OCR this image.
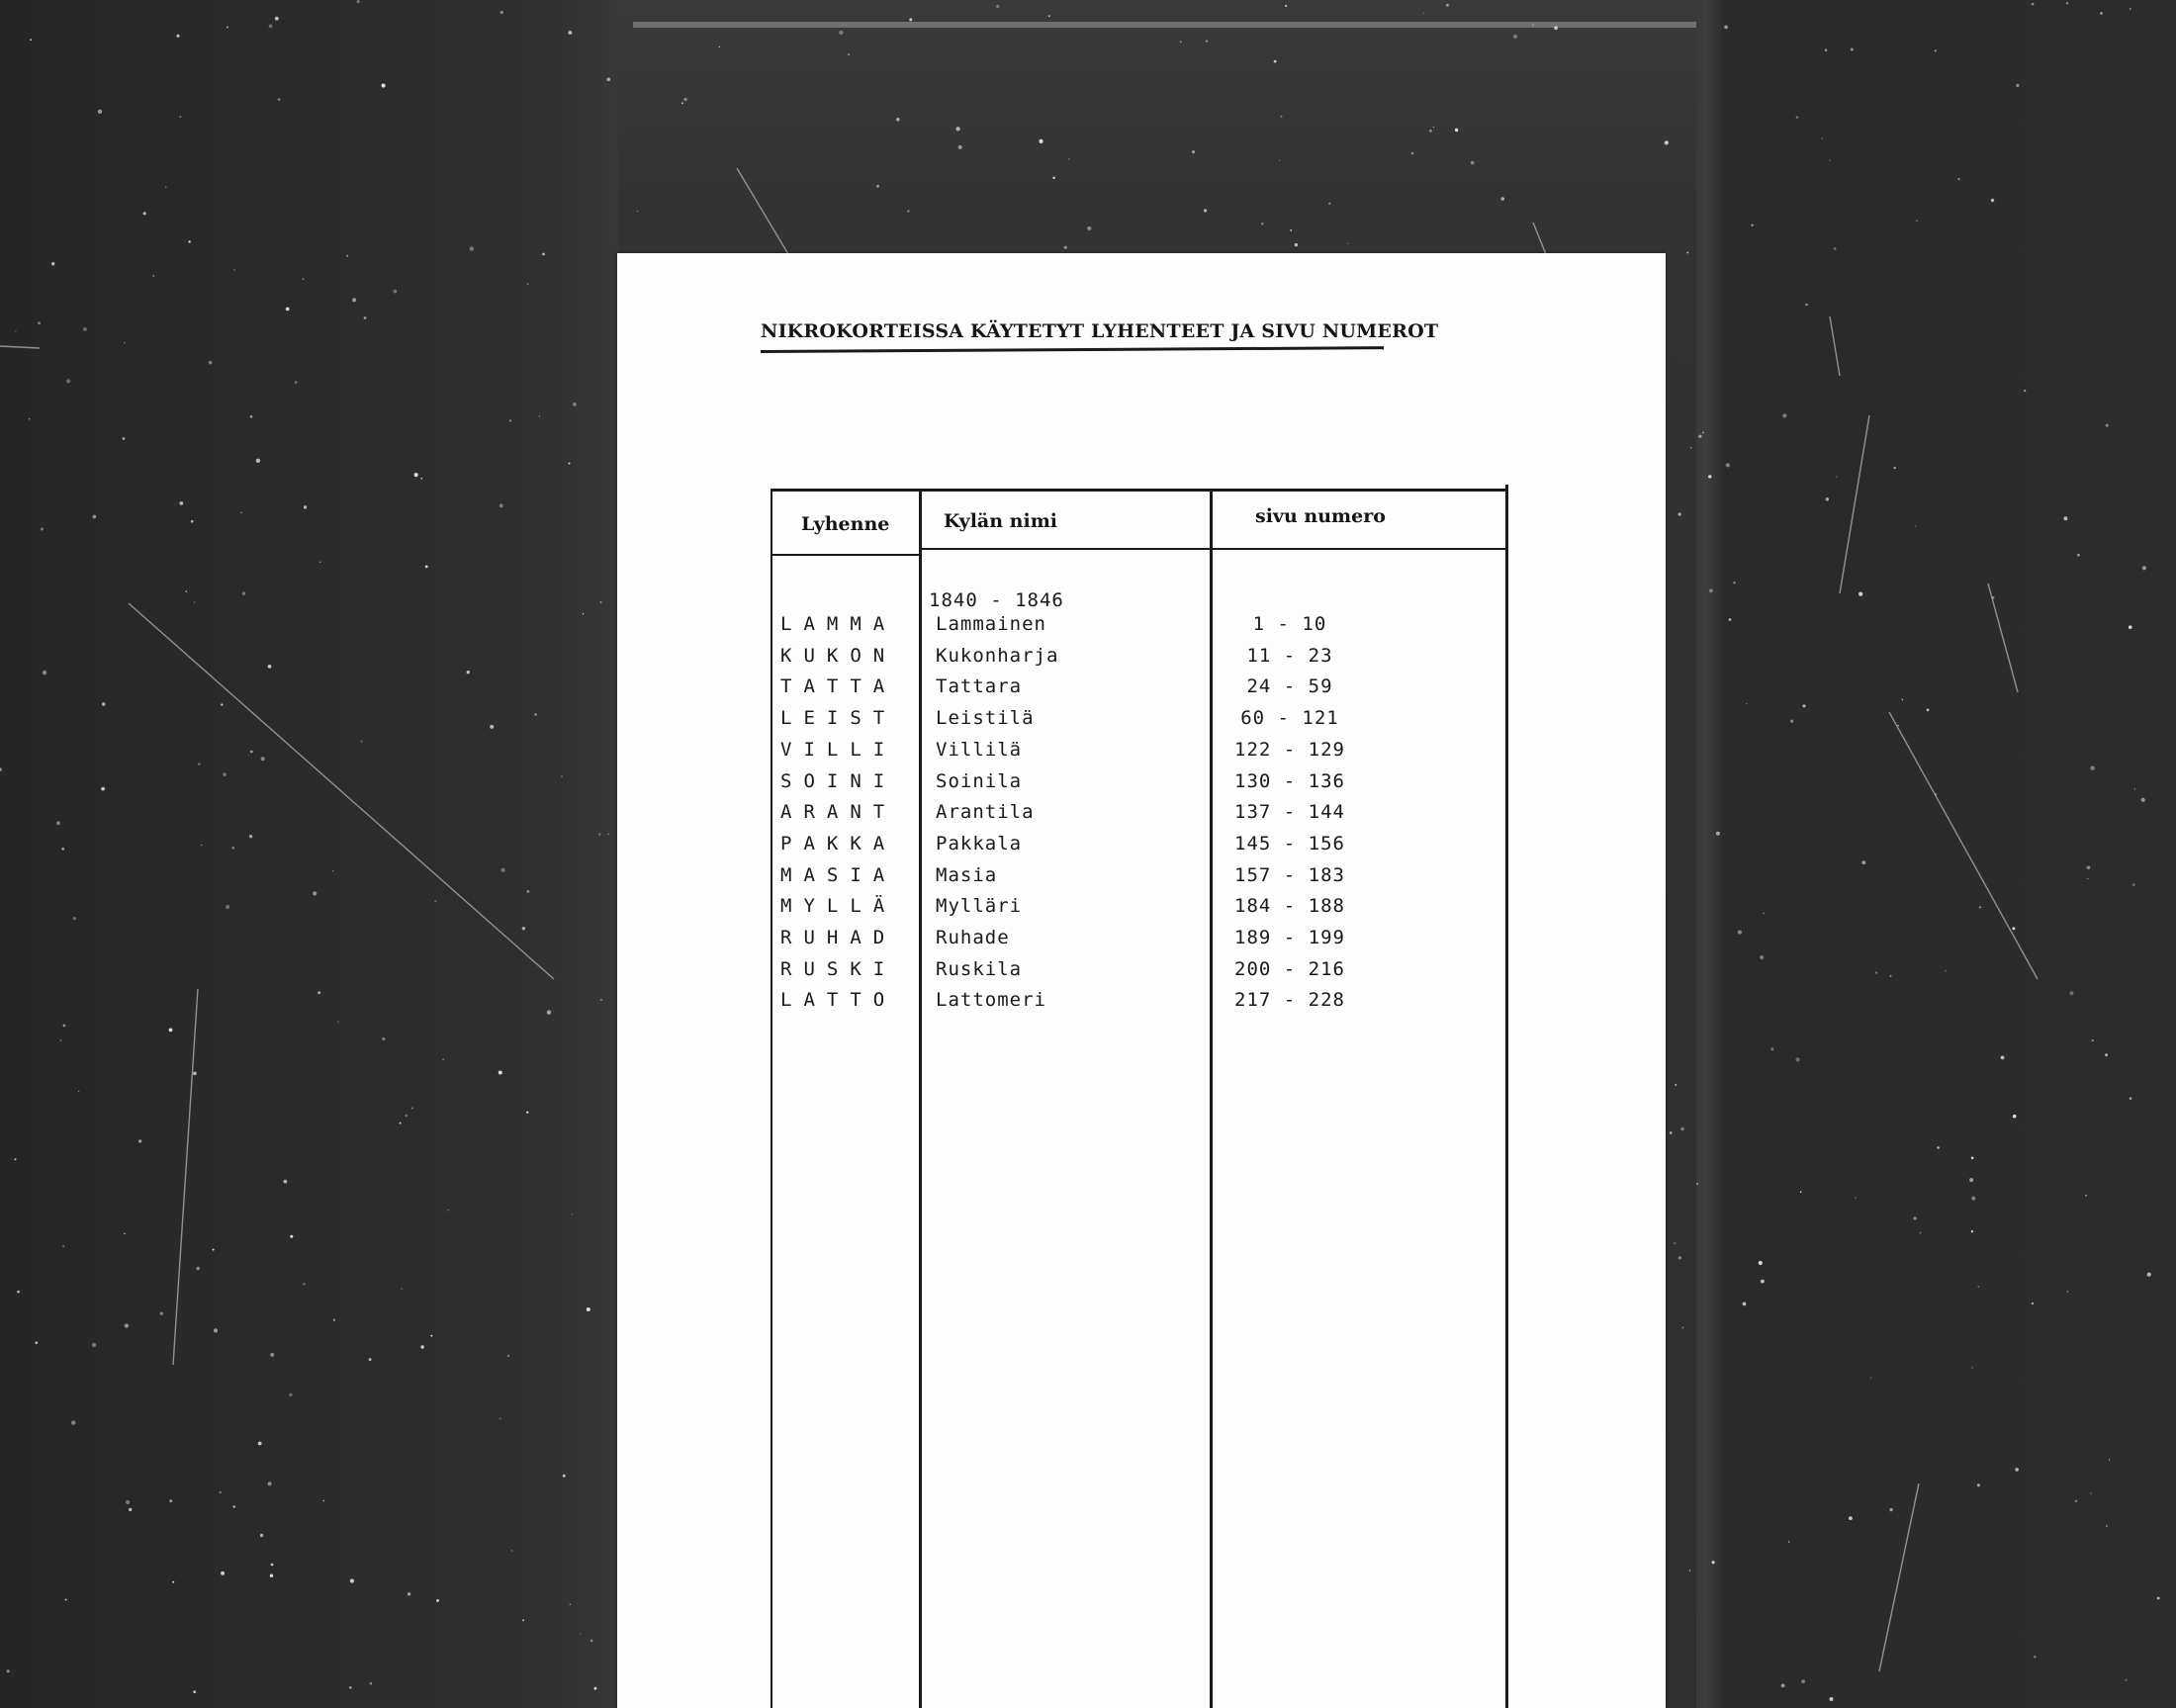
NIKROKORTEISSA KÄYTETYT LYHENTEET JA SIVU NUMEROT
Lyhenne	Kylän nimi	sivu numero
1840 - 1846
LAMMA	Lammainen	1 - 10
KUKON	Kukonharja	11 - 23
TATTA	Tattara	24 - 59
LEIST	Leistilä	60 - 121
VILLI	Villilä	122 - 129
SOINI	Soinila	130 - 136
ARANT	Arantila	137 - 144
PAKKA	Pakkala	145 - 156
MASIA	Masia	157 - 183
MYLLÄ	Mylläri	184 - 188
RUHAD	Ruhade	189 - 199
RUSKI	Ruskila	200 - 216
LATTO	Lattomeri	217 - 228
